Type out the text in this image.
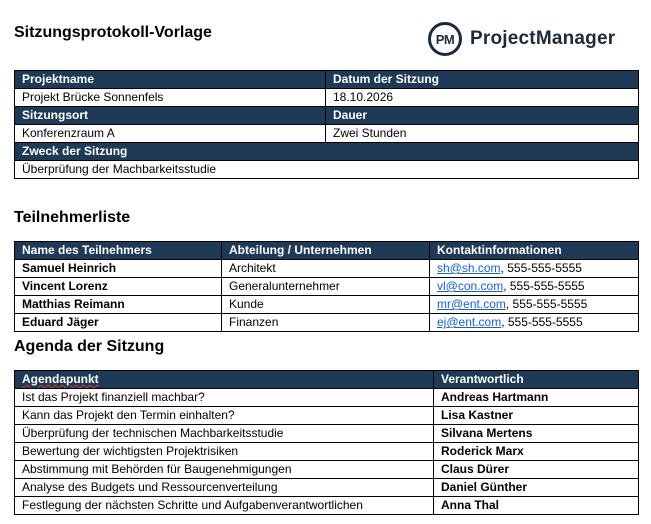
Sitzungsprotokoll-Vorlage	PM ProjectManager
Projektname	Datum der Sitzung
Projekt Brücke Sonnenfels	18.10.2026
Sitzungsort	Dauer
Konferenzraum A	Zwei Stunden
Zweck der Sitzung	
Überprüfung der Machbarkeitsstudie	
Teilnehmerliste
Name des Teilnehmers	Abteilung / Unternehmen	Kontaktinformationen
Samuel Heinrich	Architekt	sh@sh.com, 555-555-5555
Vincent Lorenz	Generalunternehmer	vl@con.com, 555-555-5555
Matthias Reimann	Kunde	mr@ent.com, 555-555-5555
Eduard Jäger	Finanzen	ej@ent.com, 555-555-5555
Agenda der Sitzung
Agendapunkt	Verantwortlich
Ist das Projekt finanziell machbar?	Andreas Hartmann
Kann das Projekt den Termin einhalten?	Lisa Kastner
Überprüfung der technischen Machbarkeitsstudie	Silvana Mertens
Bewertung der wichtigsten Projektrisiken	Roderick Marx
Abstimmung mit Behörden für Baugenehmigungen	Claus Dürer
Analyse des Budgets und Ressourcenverteilung	Daniel Günther
Festlegung der nächsten Schritte und Aufgabenverantwortlichen	Anna Thal
